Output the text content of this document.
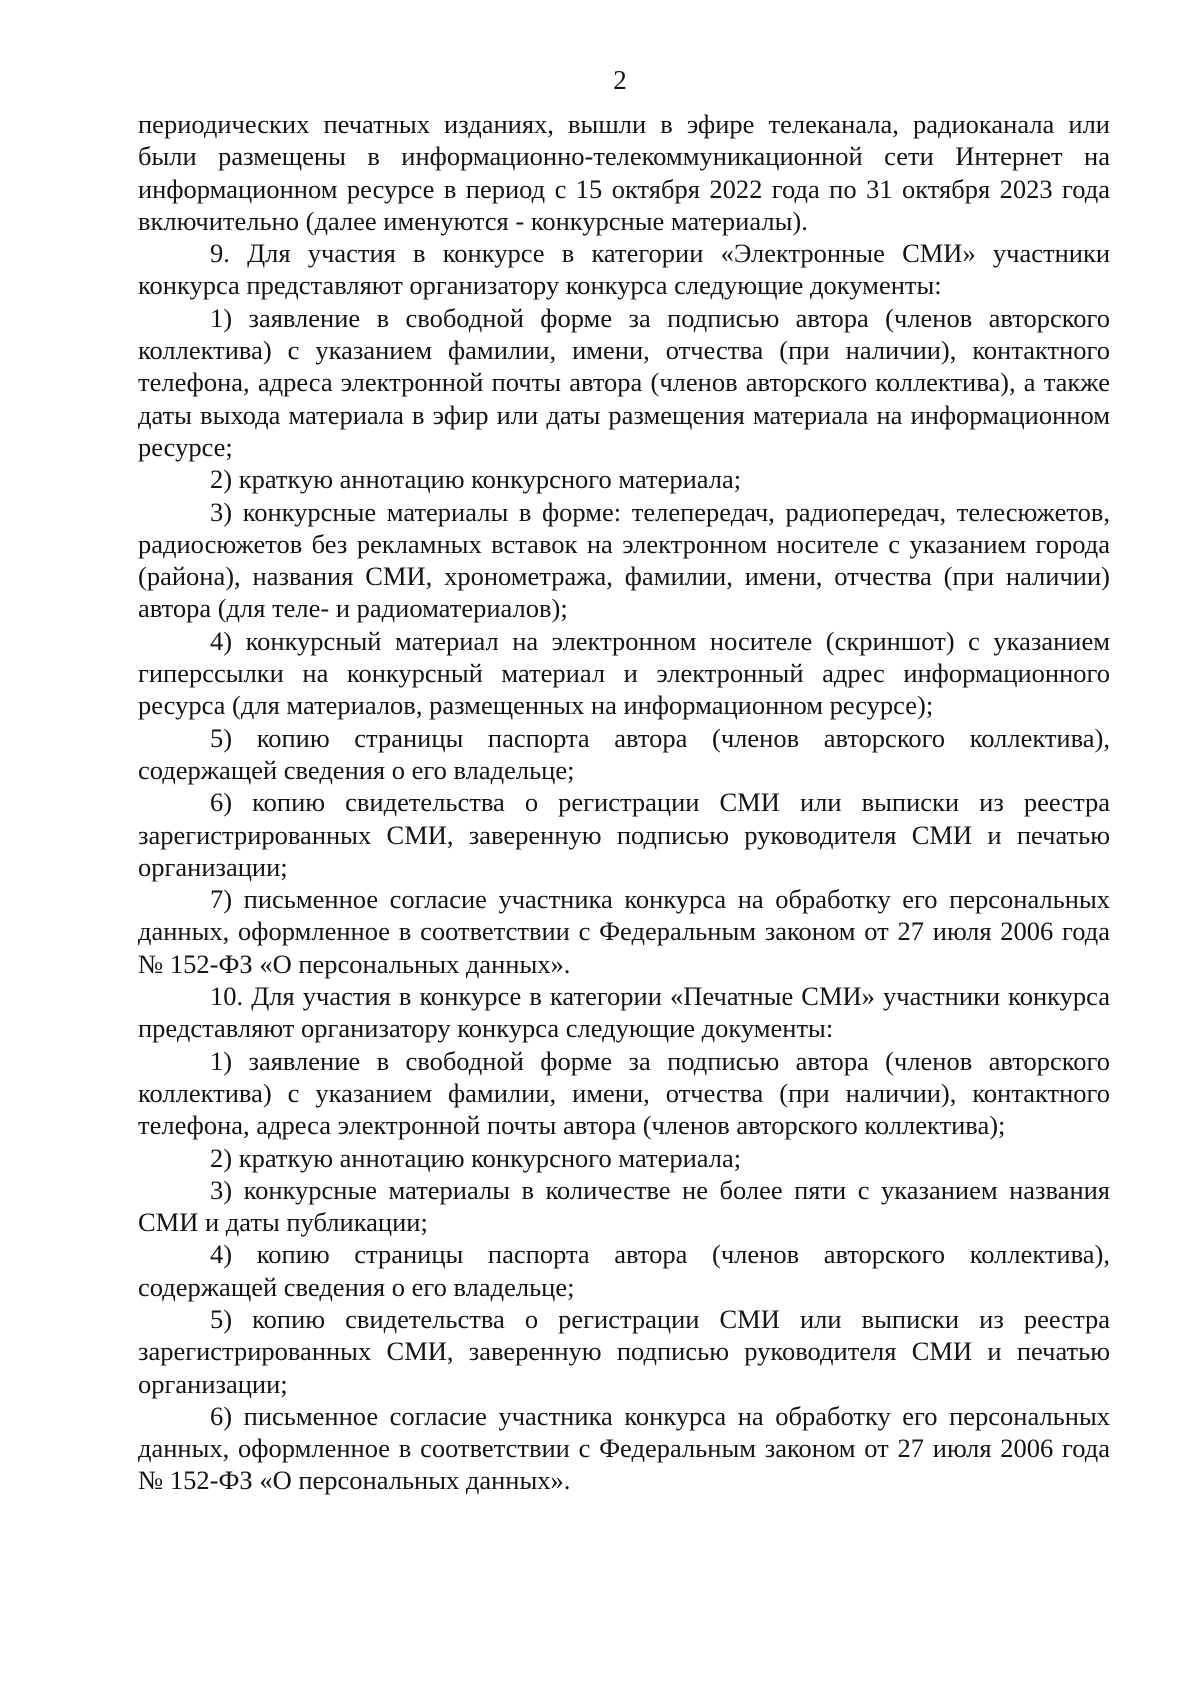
2

периодических печатных изданиях, вышли в эфире телеканала, радиоканала или были размещены в информационно-телекоммуникационной сети Интернет на информационном ресурсе в период с 15 октября 2022 года по 31 октября 2023 года включительно (далее именуются - конкурсные материалы).

9. Для участия в конкурсе в категории «Электронные СМИ» участники конкурса представляют организатору конкурса следующие документы:

1) заявление в свободной форме за подписью автора (членов авторского коллектива) с указанием фамилии, имени, отчества (при наличии), контактного телефона, адреса электронной почты автора (членов авторского коллектива), а также даты выхода материала в эфир или даты размещения материала на информационном ресурсе;

2) краткую аннотацию конкурсного материала;

3) конкурсные материалы в форме: телепередач, радиопередач, телесюжетов, радиосюжетов без рекламных вставок на электронном носителе с указанием города (района), названия СМИ, хронометража, фамилии, имени, отчества (при наличии) автора (для теле- и радиоматериалов);

4) конкурсный материал на электронном носителе (скриншот) с указанием гиперссылки на конкурсный материал и электронный адрес информационного ресурса (для материалов, размещенных на информационном ресурсе);

5) копию страницы паспорта автора (членов авторского коллектива), содержащей сведения о его владельце;

6) копию свидетельства о регистрации СМИ или выписки из реестра зарегистрированных СМИ, заверенную подписью руководителя СМИ и печатью организации;

7) письменное согласие участника конкурса на обработку его персональных данных, оформленное в соответствии с Федеральным законом от 27 июля 2006 года № 152-ФЗ «О персональных данных».

10. Для участия в конкурсе в категории «Печатные СМИ» участники конкурса представляют организатору конкурса следующие документы:

1) заявление в свободной форме за подписью автора (членов авторского коллектива) с указанием фамилии, имени, отчества (при наличии), контактного телефона, адреса электронной почты автора (членов авторского коллектива);

2) краткую аннотацию конкурсного материала;

3) конкурсные материалы в количестве не более пяти с указанием названия СМИ и даты публикации;

4) копию страницы паспорта автора (членов авторского коллектива), содержащей сведения о его владельце;

5) копию свидетельства о регистрации СМИ или выписки из реестра зарегистрированных СМИ, заверенную подписью руководителя СМИ и печатью организации;

6) письменное согласие участника конкурса на обработку его персональных данных, оформленное в соответствии с Федеральным законом от 27 июля 2006 года № 152-ФЗ «О персональных данных».
